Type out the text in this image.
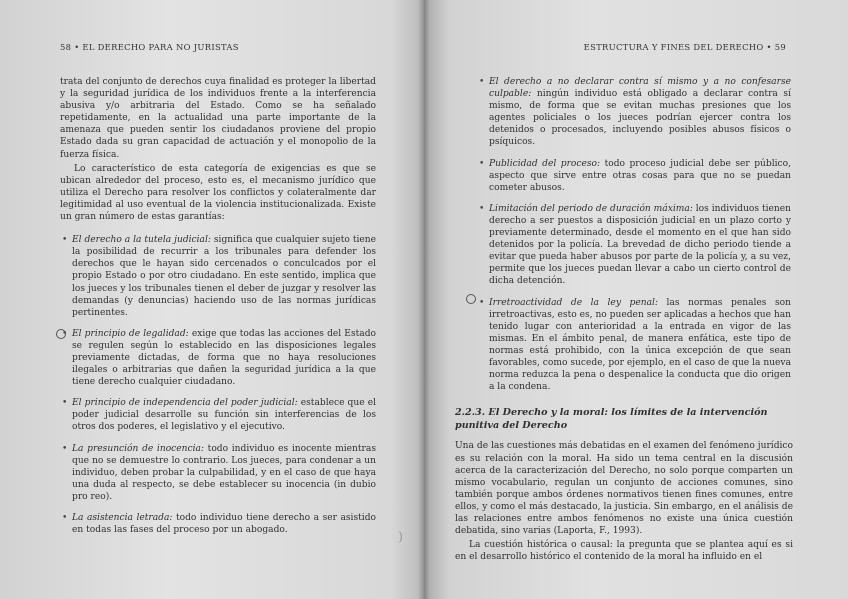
58 • EL DERECHO PARA NO JURISTAS

trata del conjunto de derechos cuya finalidad es proteger la libertad y la seguridad jurídica de los individuos frente a la interferencia abusiva y/o arbitraria del Estado. Como se ha señalado repetidamente, en la actualidad una parte importante de la amenaza que pueden sentir los ciudadanos proviene del propio Estado dada su gran capacidad de actuación y el monopolio de la fuerza física.

Lo característico de esta categoría de exigencias es que se ubican alrededor del proceso, esto es, el mecanismo jurídico que utiliza el Derecho para resolver los conflictos y colateralmente dar legitimidad al uso eventual de la violencia institucionalizada. Existe un gran número de estas garantías:

• El derecho a la tutela judicial: significa que cualquier sujeto tiene la posibilidad de recurrir a los tribunales para defender los derechos que le hayan sido cercenados o conculcados por el propio Estado o por otro ciudadano. En este sentido, implica que los jueces y los tribunales tienen el deber de juzgar y resolver las demandas (y denuncias) haciendo uso de las normas jurídicas pertinentes.
• El principio de legalidad: exige que todas las acciones del Estado se regulen según lo establecido en las disposiciones legales previamente dictadas, de forma que no haya resoluciones ilegales o arbitrarias que dañen la seguridad jurídica a la que tiene derecho cualquier ciudadano.
• El principio de independencia del poder judicial: establece que el poder judicial desarrolle su función sin interferencias de los otros dos poderes, el legislativo y el ejecutivo.
• La presunción de inocencia: todo individuo es inocente mientras que no se demuestre lo contrario. Los jueces, para condenar a un individuo, deben probar la culpabilidad, y en el caso de que haya una duda al respecto, se debe establecer su inocencia (in dubio pro reo).
• La asistencia letrada: todo individuo tiene derecho a ser asistido en todas las fases del proceso por un abogado.	)
ESTRUCTURA Y FINES DEL DERECHO • 59
• El derecho a no declarar contra sí mismo y a no confesarse culpable: ningún individuo está obligado a declarar contra sí mismo, de forma que se evitan muchas presiones que los agentes policiales o los jueces podrían ejercer contra los detenidos o procesados, incluyendo posibles abusos físicos o psíquicos.
• Publicidad del proceso: todo proceso judicial debe ser público, aspecto que sirve entre otras cosas para que no se puedan cometer abusos.
• Limitación del periodo de duración máxima: los individuos tienen derecho a ser puestos a disposición judicial en un plazo corto y previamente determinado, desde el momento en el que han sido detenidos por la policía. La brevedad de dicho periodo tiende a evitar que pueda haber abusos por parte de la policía y, a su vez, permite que los jueces puedan llevar a cabo un cierto control de dicha detención.
• Irretroactividad de la ley penal: las normas penales son irretroactivas, esto es, no pueden ser aplicadas a hechos que han tenido lugar con anterioridad a la entrada en vigor de las mismas. En el ámbito penal, de manera enfática, este tipo de normas está prohibido, con la única excepción de que sean favorables, como sucede, por ejemplo, en el caso de que la nueva norma reduzca la pena o despenalice la conducta que dio origen a la condena.
2.2.3. El Derecho y la moral: los límites de la intervención punitiva del Derecho

Una de las cuestiones más debatidas en el examen del fenómeno jurídico es su relación con la moral. Ha sido un tema central en la discusión acerca de la caracterización del Derecho, no solo porque comparten un mismo vocabulario, regulan un conjunto de acciones comunes, sino también porque ambos órdenes normativos tienen fines comunes, entre ellos, y como el más destacado, la justicia. Sin embargo, en el análisis de las relaciones entre ambos fenómenos no existe una única cuestión debatida, sino varias (Laporta, F., 1993).

La cuestión histórica o causal: la pregunta que se plantea aquí es si en el desarrollo histórico el contenido de la moral ha influido en el
